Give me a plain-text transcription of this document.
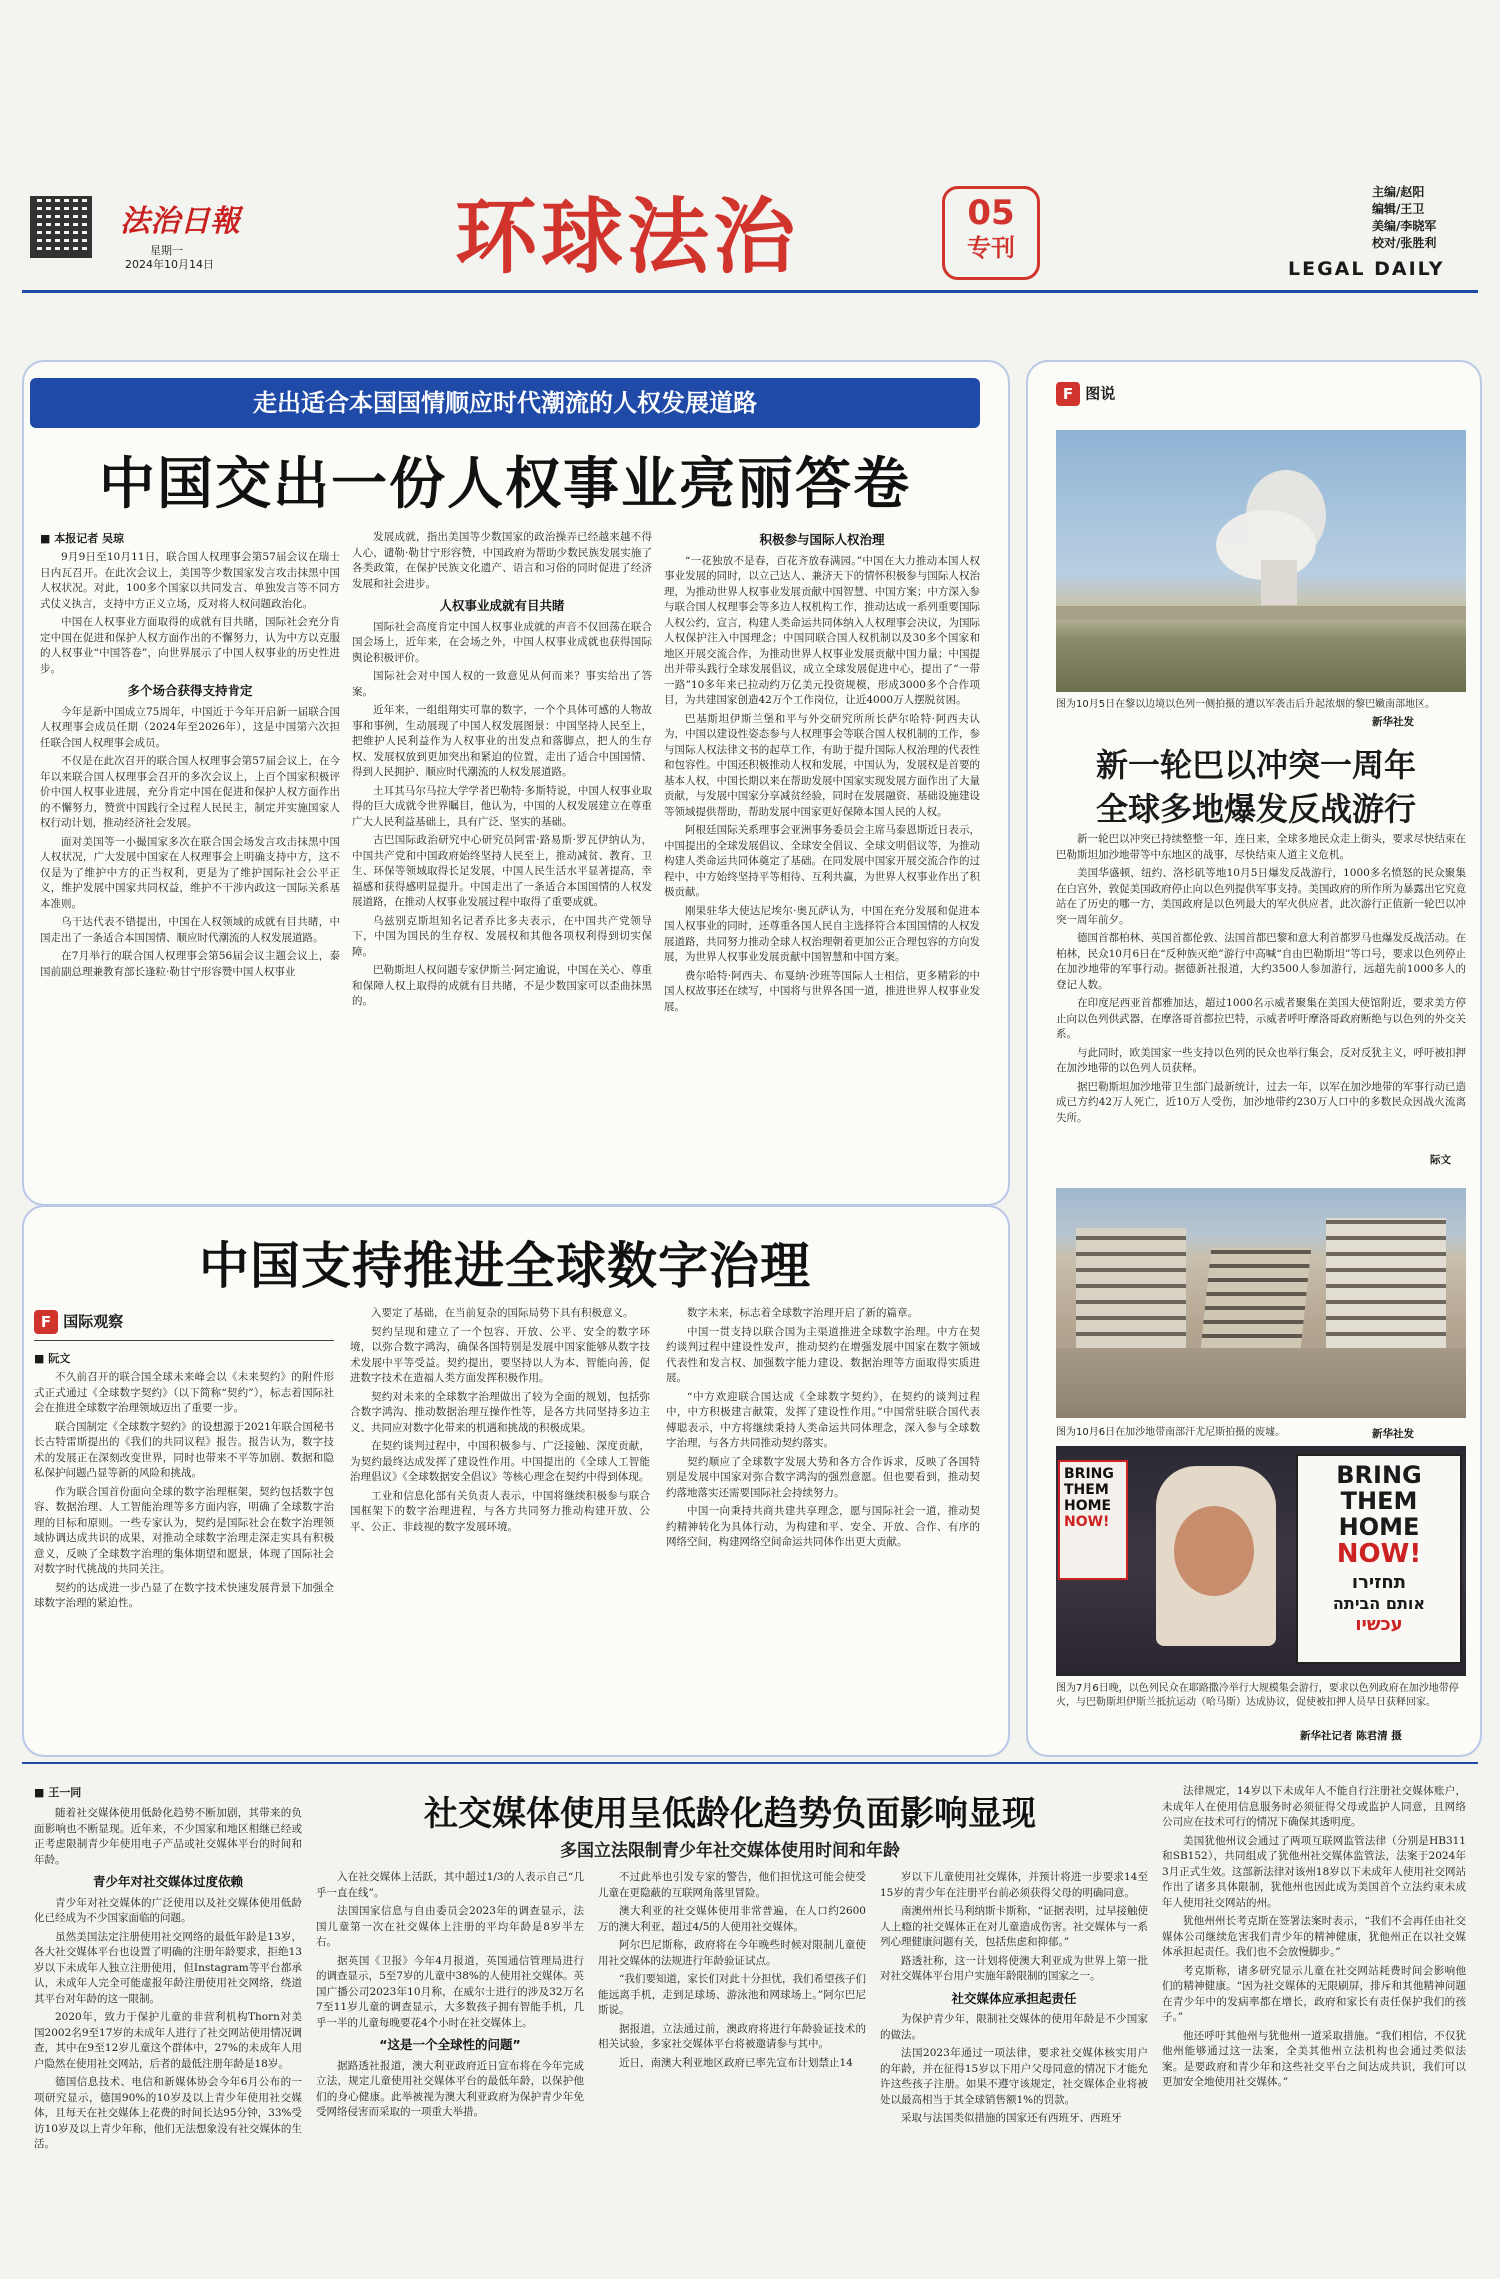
法治日報
星期一
2024年10月14日	环球法治	05
专刊
主编/赵阳
编辑/王卫
美编/李晓军
校对/张胜利
LEGAL DAILY
走出适合本国国情顺应时代潮流的人权发展道路
中国交出一份人权事业亮丽答卷
■ 本报记者 吴琼

9月9日至10月11日，联合国人权理事会第57届会议在瑞士日内瓦召开。在此次会议上，美国等少数国家发言攻击抹黑中国人权状况。对此，100多个国家以共同发言、单独发言等不同方式仗义执言，支持中方正义立场，反对将人权问题政治化。

中国在人权事业方面取得的成就有目共睹，国际社会充分肯定中国在促进和保护人权方面作出的不懈努力，认为中方以克服的人权事业“中国答卷”，向世界展示了中国人权事业的历史性进步。

多个场合获得支持肯定

今年是新中国成立75周年，中国近于今年开启新一届联合国人权理事会成员任期（2024年至2026年），这是中国第六次担任联合国人权理事会成员。

不仅是在此次召开的联合国人权理事会第57届会议上，在今年以来联合国人权理事会召开的多次会议上，上百个国家积极评价中国人权事业进展，充分肯定中国在促进和保护人权方面作出的不懈努力，赞赏中国践行全过程人民民主，制定并实施国家人权行动计划，推动经济社会发展。

面对美国等一小撮国家多次在联合国会场发言攻击抹黑中国人权状况，广大发展中国家在人权理事会上明确支持中方，这不仅是为了维护中方的正当权利，更是为了维护国际社会公平正义，维护发展中国家共同权益，维护不干涉内政这一国际关系基本准则。

乌干达代表不错提出，中国在人权领域的成就有目共睹，中国走出了一条适合本国国情、顺应时代潮流的人权发展道路。

在7月举行的联合国人权理事会第56届会议主题会议上，泰国前副总理兼教育部长逢粒·勒甘宁形容赞中国人权事业

发展成就，指出美国等少数国家的政治操弄已经越来越不得人心，谴勒·勒甘宁形容赞，中国政府为帮助少数民族发展实施了各类政策，在保护民族文化遗产、语言和习俗的同时促进了经济发展和社会进步。

人权事业成就有目共睹

国际社会高度肯定中国人权事业成就的声音不仅回荡在联合国会场上，近年来，在会场之外，中国人权事业成就也获得国际舆论积极评价。

国际社会对中国人权的一致意见从何而来？事实给出了答案。

近年来，一组组翔实可靠的数字，一个个具体可感的人物故事和事例，生动展现了中国人权发展图景：中国坚持人民至上，把维护人民利益作为人权事业的出发点和落脚点，把人的生存权、发展权放到更加突出和紧迫的位置，走出了适合中国国情、得到人民拥护、顺应时代潮流的人权发展道路。

土耳其马尔马拉大学学者巴勒特·多斯特说，中国人权事业取得的巨大成就令世界瞩目，他认为，中国的人权发展建立在尊重广大人民利益基础上，具有广泛、坚实的基础。

古巴国际政治研究中心研究员阿雷·路易斯·罗瓦伊纳认为，中国共产党和中国政府始终坚持人民至上，推动减贫、教育、卫生、环保等领域取得长足发展，中国人民生活水平显著提高，幸福感和获得感明显提升。中国走出了一条适合本国国情的人权发展道路，在推动人权事业发展过程中取得了重要成就。

乌兹别克斯坦知名记者乔比多夫表示，在中国共产党领导下，中国为国民的生存权、发展权和其他各项权利得到切实保障。

巴勒斯坦人权问题专家伊斯兰·阿定逾说，中国在关心、尊重和保障人权上取得的成就有目共睹，不是少数国家可以歪曲抹黑的。

积极参与国际人权治理

“一花独放不是春，百花齐放春满园。”中国在大力推动本国人权事业发展的同时，以立己达人、兼济天下的情怀积极参与国际人权治理，为推动世界人权事业发展贡献中国智慧、中国方案；中方深入参与联合国人权理事会等多边人权机构工作，推动达成一系列重要国际人权公约，宣言，构建人类命运共同体纳入人权理事会决议，为国际人权保护注入中国理念；中国同联合国人权机制以及30多个国家和地区开展交流合作，为推动世界人权事业发展贡献中国力量；中国提出并带头践行全球发展倡议，成立全球发展促进中心，提出了“一带一路”10多年来已拉动约万亿美元投资规模，形成3000多个合作项目，为共建国家创造42万个工作岗位，让近4000万人摆脱贫困。

巴基斯坦伊斯兰堡和平与外交研究所所长萨尔哈特·阿西夫认为，中国以建设性姿态参与人权理事会等联合国人权机制的工作，参与国际人权法律文书的起草工作，有助于提升国际人权治理的代表性和包容性。中国还积极推动人权和发展，中国认为，发展权是首要的基本人权，中国长期以来在帮助发展中国家实现发展方面作出了大量贡献，与发展中国家分享减贫经验，同时在发展融资、基础设施建设等领域提供帮助，帮助发展中国家更好保障本国人民的人权。

阿根廷国际关系理事会亚洲事务委员会主席马泰恩斯近日表示，中国提出的全球发展倡议、全球安全倡议、全球文明倡议等，为推动构建人类命运共同体奠定了基础。在同发展中国家开展交流合作的过程中，中方始终坚持平等相待、互利共赢，为世界人权事业作出了积极贡献。

刚果驻华大使达尼埃尔·奥瓦萨认为，中国在充分发展和促进本国人权事业的同时，还尊重各国人民自主选择符合本国国情的人权发展道路，共同努力推动全球人权治理朝着更加公正合理包容的方向发展，为世界人权事业发展贡献中国智慧和中国方案。

费尔哈特·阿西夫、布戛纳·沙班等国际人士相信，更多精彩的中国人权故事还在续写，中国将与世界各国一道，推进世界人权事业发展。

中国支持推进全球数字治理
F 国际观察
■ 阮文

不久前召开的联合国全球未来峰会以《未来契约》的附件形式正式通过《全球数字契约》（以下简称“契约”），标志着国际社会在推进全球数字治理领域迈出了重要一步。

联合国制定《全球数字契约》的设想源于2021年联合国秘书长古特雷斯提出的《我们的共同议程》报告。报告认为，数字技术的发展正在深刻改变世界，同时也带来不平等加剧、数据和隐私保护问题凸显等新的风险和挑战。

作为联合国首份面向全球的数字治理框架，契约包括数字包容、数据治理、人工智能治理等多方面内容，明确了全球数字治理的目标和原则。一些专家认为，契约是国际社会在数字治理领域协调达成共识的成果，对推动全球数字治理走深走实具有积极意义，反映了全球数字治理的集体期望和愿景，体现了国际社会对数字时代挑战的共同关注。

契约的达成进一步凸显了在数字技术快速发展背景下加强全球数字治理的紧迫性。

入要定了基础，在当前复杂的国际局势下具有积极意义。

契约呈现和建立了一个包容、开放、公平、安全的数字环境，以弥合数字鸿沟，确保各国特别是发展中国家能够从数字技术发展中平等受益。契约提出，要坚持以人为本、智能向善，促进数字技术在造福人类方面发挥积极作用。

契约对未来的全球数字治理做出了较为全面的规划，包括弥合数字鸿沟、推动数据治理互操作性等，是各方共同坚持多边主义、共同应对数字化带来的机遇和挑战的积极成果。

在契约谈判过程中，中国积极参与、广泛接触、深度贡献，为契约最终达成发挥了建设性作用。中国提出的《全球人工智能治理倡议》《全球数据安全倡议》等核心理念在契约中得到体现。

工业和信息化部有关负责人表示，中国将继续积极参与联合国框架下的数字治理进程，与各方共同努力推动构建开放、公平、公正、非歧视的数字发展环境。

数字未来，标志着全球数字治理开启了新的篇章。

中国一贯支持以联合国为主渠道推进全球数字治理。中方在契约谈判过程中建设性发声，推动契约在增强发展中国家在数字领域代表性和发言权、加强数字能力建设、数据治理等方面取得实质进展。

“中方欢迎联合国达成《全球数字契约》，在契约的谈判过程中，中方积极建言献策，发挥了建设性作用。”中国常驻联合国代表傅聪表示，中方将继续秉持人类命运共同体理念，深入参与全球数字治理，与各方共同推动契约落实。

契约顺应了全球数字发展大势和各方合作诉求，反映了各国特别是发展中国家对弥合数字鸿沟的强烈意愿。但也要看到，推动契约落地落实还需要国际社会持续努力。

中国一向秉持共商共建共享理念，愿与国际社会一道，推动契约精神转化为具体行动，为构建和平、安全、开放、合作、有序的网络空间，构建网络空间命运共同体作出更大贡献。

F 图说
图为10月5日在黎以边境以色列一侧拍摄的遭以军袭击后升起浓烟的黎巴嫩南部地区。
新华社发
新一轮巴以冲突一周年
全球多地爆发反战游行

新一轮巴以冲突已持续整整一年，连日来，全球多地民众走上街头，要求尽快结束在巴勒斯坦加沙地带等中东地区的战事，尽快结束人道主义危机。

美国华盛顿，纽约、洛杉矶等地10月5日爆发反战游行，1000多名愤怒的民众聚集在白宫外，敦促美国政府停止向以色列提供军事支持。美国政府的所作所为暴露出它究竟站在了历史的哪一方，美国政府是以色列最大的军火供应者，此次游行正值新一轮巴以冲突一周年前夕。

德国首都柏林、英国首都伦敦、法国首都巴黎和意大利首都罗马也爆发反战活动。在柏林，民众10月6日在“反种族灭绝”游行中高喊“自由巴勒斯坦”等口号，要求以色列停止在加沙地带的军事行动。据德新社报道，大约3500人参加游行，远超先前1000多人的登记人数。

在印度尼西亚首都雅加达，超过1000名示威者聚集在美国大使馆附近，要求美方停止向以色列供武器，在摩洛哥首都拉巴特，示威者呼吁摩洛哥政府断绝与以色列的外交关系。

与此同时，欧美国家一些支持以色列的民众也举行集会，反对反犹主义，呼吁被扣押在加沙地带的以色列人员获释。

据巴勒斯坦加沙地带卫生部门最新统计，过去一年，以军在加沙地带的军事行动已造成已方约42万人死亡，近10万人受伤，加沙地带约230万人口中的多数民众因战火流离失所。

际文
图为10月6日在加沙地带南部汗尤尼斯拍摄的废墟。	新华社发
BRING
THEM
HOME
NOW!
BRING
THEM
HOME
NOW!
תחזירו
אותם הביתה
עכשיו
图为7月6日晚，以色列民众在耶路撒冷举行大规模集会游行，要求以色列政府在加沙地带停火，与巴勒斯坦伊斯兰抵抗运动（哈马斯）达成协议，促使被扣押人员早日获释回家。
新华社记者 陈君清 摄
■ 王一同
社交媒体使用呈低龄化趋势负面影响显现
多国立法限制青少年社交媒体使用时间和年龄

随着社交媒体使用低龄化趋势不断加剧，其带来的负面影响也不断显现。近年来，不少国家和地区相继已经或正考虑限制青少年使用电子产品或社交媒体平台的时间和年龄。

青少年对社交媒体过度依赖

青少年对社交媒体的广泛使用以及社交媒体使用低龄化已经成为不少国家面临的问题。

虽然美国法定注册使用社交网络的最低年龄是13岁，各大社交媒体平台也设置了明确的注册年龄要求，拒绝13岁以下未成年人独立注册使用，但Instagram等平台都承认，未成年人完全可能虚报年龄注册使用社交网络，绕道其平台对年龄的这一限制。

2020年，致力于保护儿童的非营利机构Thorn对美国2002名9至17岁的未成年人进行了社交网站使用情况调查，其中在9至12岁儿童这个群体中，27%的未成年人用户隐然在使用社交网站，后者的最低注册年龄是18岁。

德国信息技术、电信和新媒体协会今年6月公布的一项研究显示，德国90%的10岁及以上青少年使用社交媒体，且每天在社交媒体上花费的时间长达95分钟，33%受访10岁及以上青少年称，他们无法想象没有社交媒体的生活。

入在社交媒体上活跃，其中超过1/3的人表示自己“几乎一直在线”。

法国国家信息与自由委员会2023年的调查显示，法国儿童第一次在社交媒体上注册的平均年龄是8岁半左右。

据英国《卫报》今年4月报道，英国通信管理局进行的调查显示，5至7岁的儿童中38%的人使用社交媒体。英国广播公司2023年10月称，在威尔士进行的涉及32万名7至11岁儿童的调查显示，大多数孩子拥有智能手机，几乎一半的儿童每晚要花4个小时在社交媒体上。

“这是一个全球性的问题”

据路透社报道，澳大利亚政府近日宣布将在今年完成立法，规定儿童使用社交媒体平台的最低年龄，以保护他们的身心健康。此举被视为澳大利亚政府为保护青少年免受网络侵害而采取的一项重大举措。

不过此举也引发专家的警告，他们担忧这可能会使受儿童在更隐蔽的互联网角落里冒险。

澳大利亚的社交媒体使用非常普遍，在人口约2600万的澳大利亚，超过4/5的人使用社交媒体。

阿尔巴尼斯称，政府将在今年晚些时候对限制儿童使用社交媒体的法规进行年龄验证试点。

“我们要知道，家长们对此十分担忧，我们希望孩子们能远离手机，走到足球场、游泳池和网球场上。”阿尔巴尼斯说。

据报道，立法通过前，澳政府将进行年龄验证技术的相关试验，多家社交媒体平台将被邀请参与其中。

近日，南澳大利亚地区政府已率先宣布计划禁止14

岁以下儿童使用社交媒体，并预计将进一步要求14至15岁的青少年在注册平台前必须获得父母的明确同意。

南澳州州长马利纳斯卡斯称，“证据表明，过早接触使人上瘾的社交媒体正在对儿童造成伤害。社交媒体与一系列心理健康问题有关，包括焦虑和抑郁。”

路透社称，这一计划将使澳大利亚成为世界上第一批对社交媒体平台用户实施年龄限制的国家之一。

社交媒体应承担起责任

为保护青少年，限制社交媒体的使用年龄是不少国家的做法。

法国2023年通过一项法律，要求社交媒体核实用户的年龄，并在征得15岁以下用户父母同意的情况下才能允许这些孩子注册。如果不遵守该规定，社交媒体企业将被处以最高相当于其全球销售额1%的罚款。

采取与法国类似措施的国家还有西班牙、西班牙

法律规定，14岁以下未成年人不能自行注册社交媒体账户，未成年人在使用信息服务时必须征得父母或监护人同意，且网络公司应在技术可行的情况下确保其透明度。

美国犹他州议会通过了两项互联网监管法律（分别是HB311和SB152），共同组成了犹他州社交媒体监管法，法案于2024年3月正式生效。这部新法律对该州18岁以下未成年人使用社交网站作出了诸多具体限制，犹他州也因此成为美国首个立法约束未成年人使用社交网站的州。

犹他州州长考克斯在签署法案时表示，“我们不会再任由社交媒体公司继续危害我们青少年的精神健康，犹他州正在以社交媒体承担起责任。我们也不会放慢脚步。”

考克斯称，诸多研究显示儿童在社交网站耗费时间会影响他们的精神健康。“因为社交媒体的无限刷屏，排斥和其他精神问题在青少年中的发病率都在增长，政府和家长有责任保护我们的孩子。”

他还呼吁其他州与犹他州一道采取措施。“我们相信，不仅犹他州能够通过这一法案，全美其他州立法机构也会通过类似法案。是要政府和青少年和这些社交平台之间达成共识，我们可以更加安全地使用社交媒体。”
